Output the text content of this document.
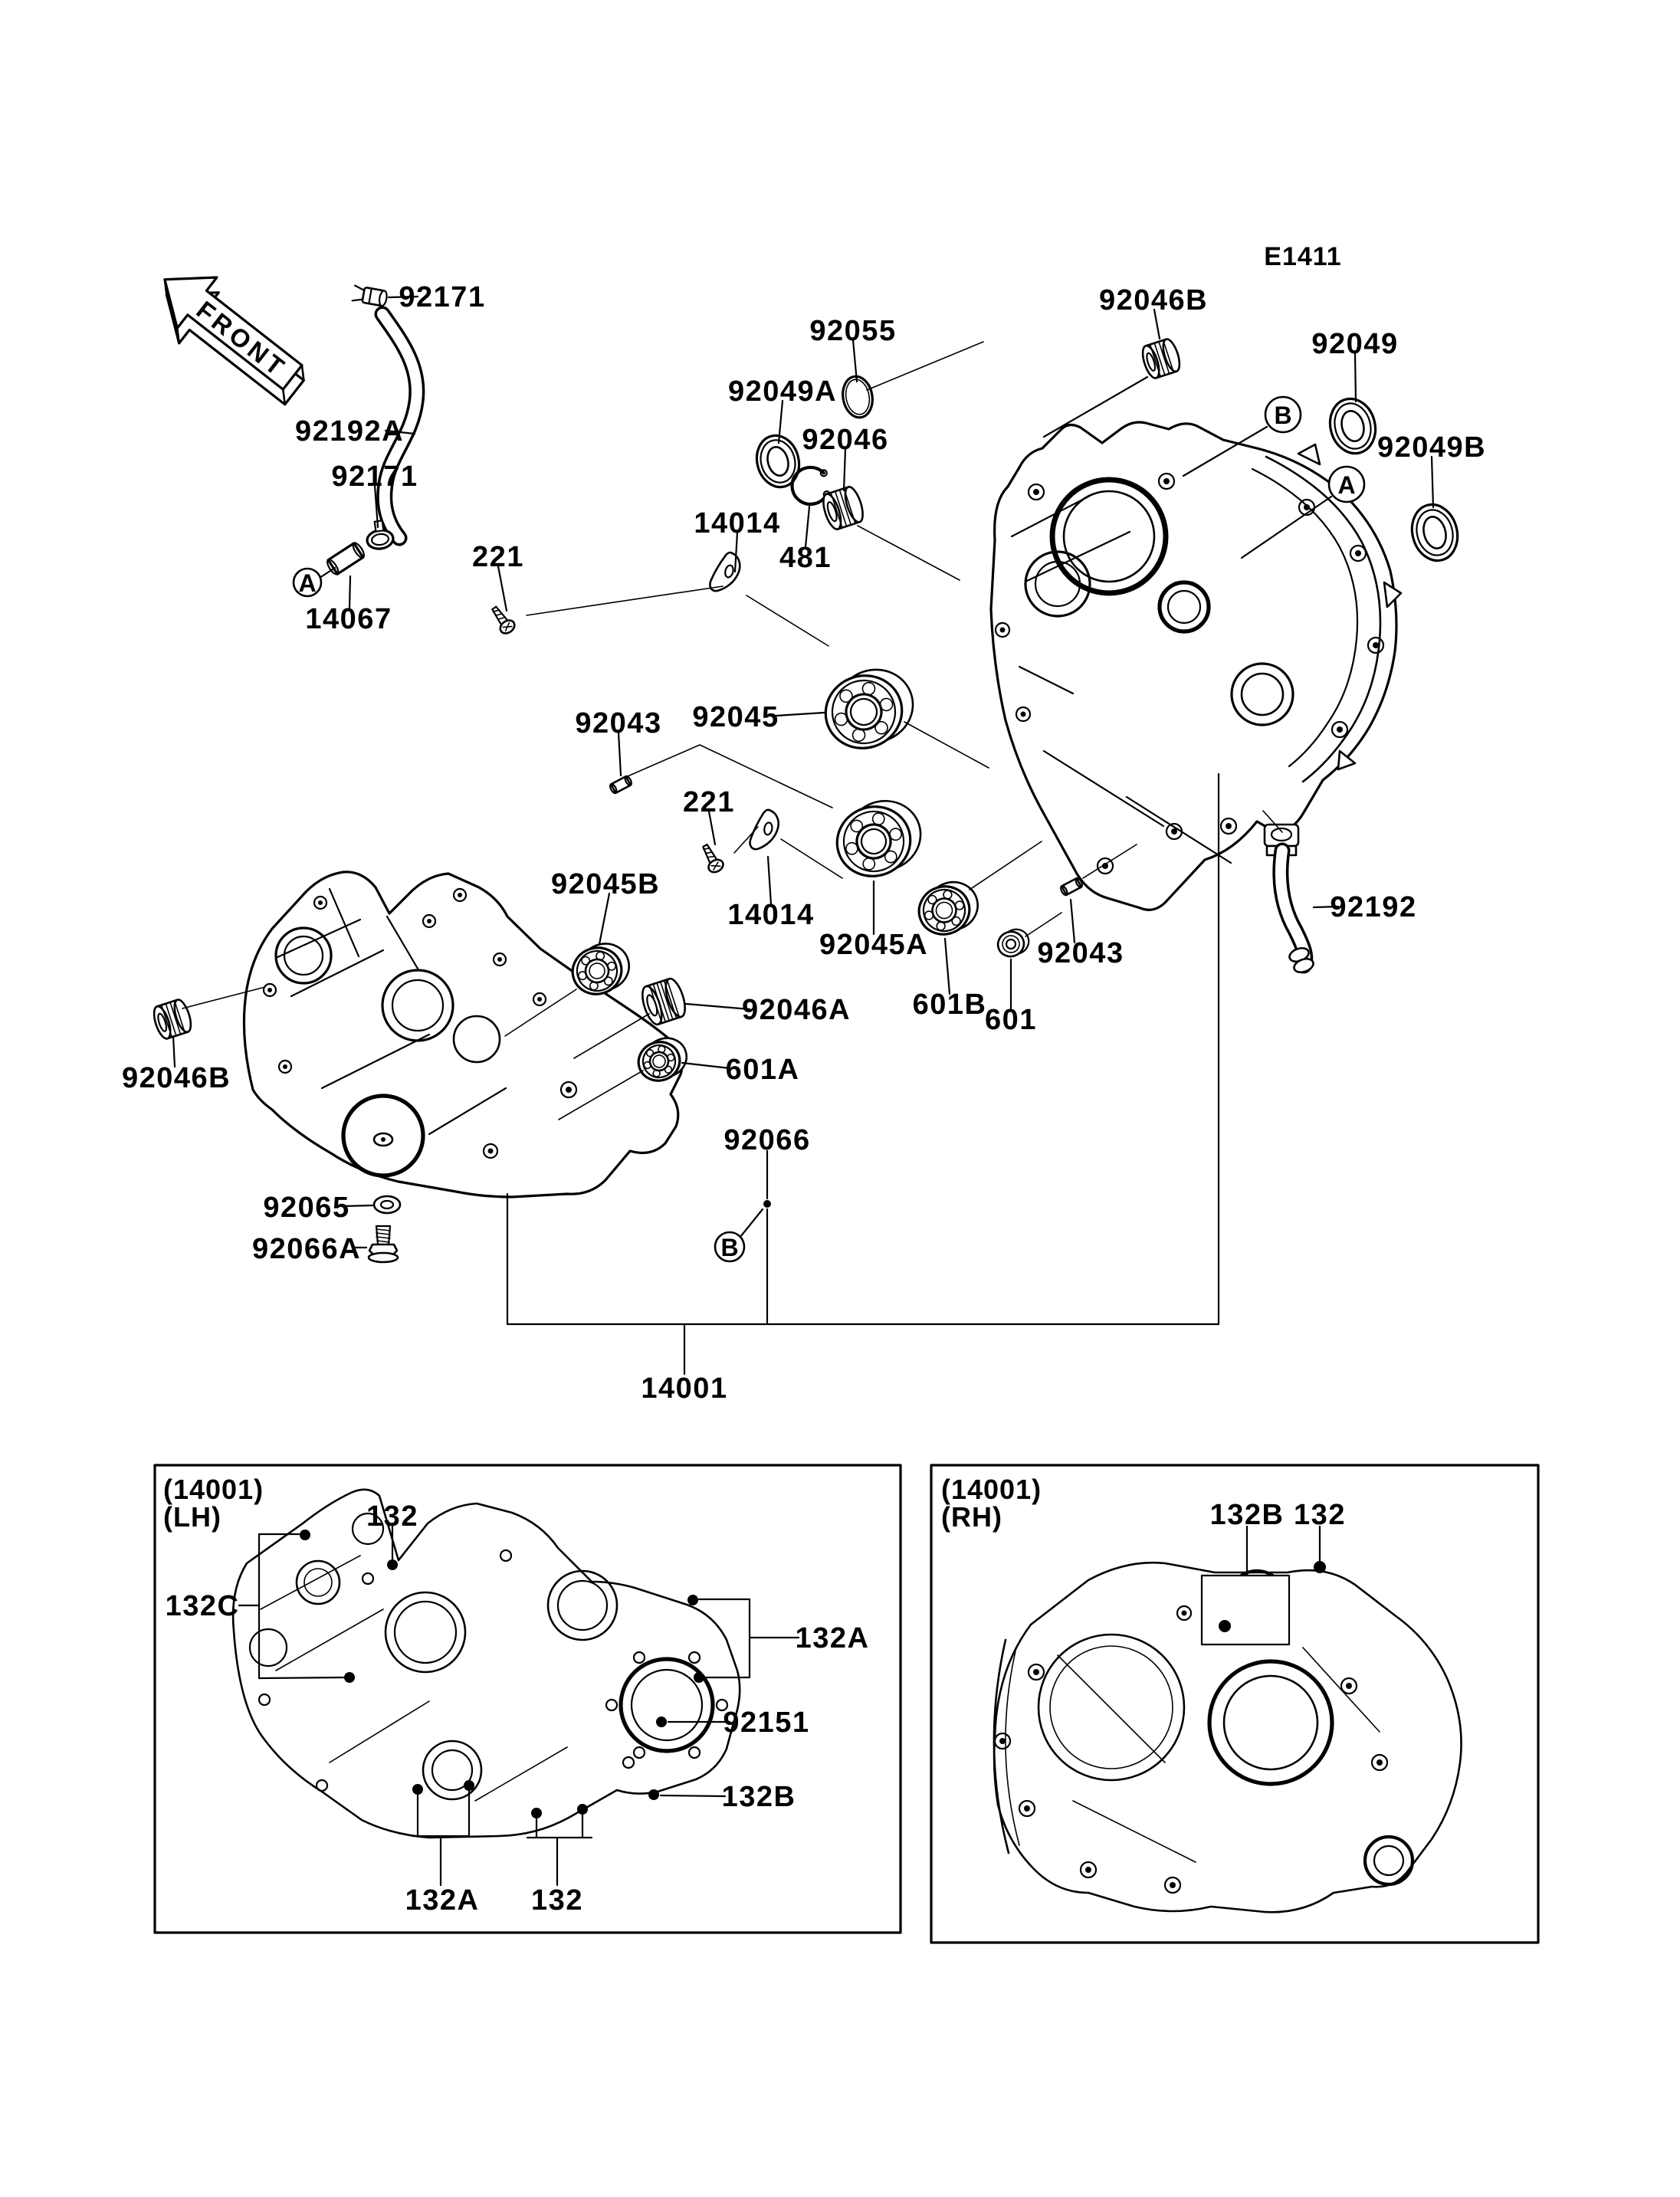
FRONT
E1411
A
B
A
B
92171
92192A
92171
14067
221
14014
481
92046
92049A
92055
92046B
92049
92049B
92043 92045
221
14014
92045B
92045A
601B
601
92043
92046A
601A
92046B
92065
92066A
92066
14001
92192
(14001)
(LH)	132
132C
132A
92151
132B
132A 132
(14001)
(RH)	132B 132
